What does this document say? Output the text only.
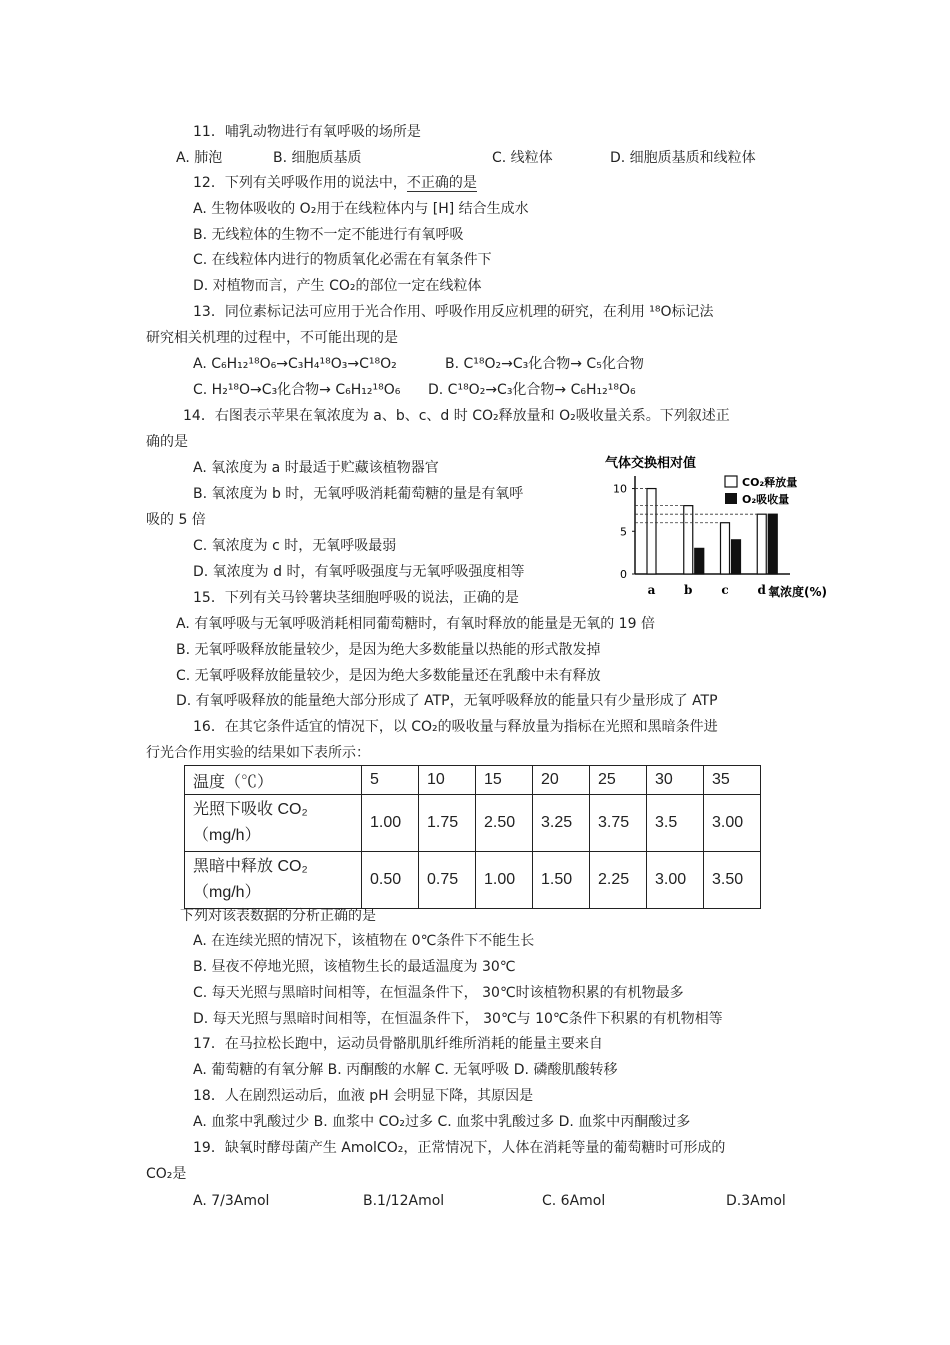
11．哺乳动物进行有氧呼吸的场所是
A. 肺泡	B. 细胞质基质	C. 线粒体	D. 细胞质基质和线粒体
12．下列有关呼吸作用的说法中，不正确的是
A. 生物体吸收的 O₂用于在线粒体内与 [H] 结合生成水
B. 无线粒体的生物不一定不能进行有氧呼吸
C. 在线粒体内进行的物质氧化必需在有氧条件下
D. 对植物而言，产生 CO₂的部位一定在线粒体
13．同位素标记法可应用于光合作用、呼吸作用反应机理的研究，在利用 ¹⁸O标记法
研究相关机理的过程中，不可能出现的是
A. C₆H₁₂¹⁸O₆→C₃H₄¹⁸O₃→C¹⁸O₂	B. C¹⁸O₂→C₃化合物→ C₅化合物
C. H₂¹⁸O→C₃化合物→ C₆H₁₂¹⁸O₆ D. C¹⁸O₂→C₃化合物→ C₆H₁₂¹⁸O₆
14．右图表示苹果在氧浓度为 a、b、c、d 时 CO₂释放量和 O₂吸收量关系。下列叙述正
确的是
A. 氧浓度为 a 时最适于贮藏该植物器官
B. 氧浓度为 b 时，无氧呼吸消耗葡萄糖的量是有氧呼
吸的 5 倍
C. 氧浓度为 c 时，无氧呼吸最弱
D. 氧浓度为 d 时，有氧呼吸强度与无氧呼吸强度相等
气体交换相对值
0
5
10
a b c d
CO₂释放量
O₂吸收量
氧浓度(%)
15．下列有关马铃薯块茎细胞呼吸的说法，正确的是
A. 有氧呼吸与无氧呼吸消耗相同葡萄糖时，有氧时释放的能量是无氧的 19 倍
B. 无氧呼吸释放能量较少，是因为绝大多数能量以热能的形式散发掉
C. 无氧呼吸释放能量较少，是因为绝大多数能量还在乳酸中未有释放
D. 有氧呼吸释放的能量绝大部分形成了 ATP，无氧呼吸释放的能量只有少量形成了 ATP
16．在其它条件适宜的情况下，以 CO₂的吸收量与释放量为指标在光照和黑暗条件进
行光合作用实验的结果如下表所示：
温度（℃）	5	10	15	20	25	30	35

光照下吸收 CO₂
（mg/h）	1.00	1.75	2.50	3.25	3.75	3.5	3.00

黑暗中释放 CO₂
（mg/h）	0.50	0.75	1.00	1.50	2.25	3.00	3.50
下列对该表数据的分析正确的是
A. 在连续光照的情况下，该植物在 0℃条件下不能生长
B. 昼夜不停地光照，该植物生长的最适温度为 30℃
C. 每天光照与黑暗时间相等，在恒温条件下， 30℃时该植物积累的有机物最多
D. 每天光照与黑暗时间相等，在恒温条件下， 30℃与 10℃条件下积累的有机物相等
17．在马拉松长跑中，运动员骨骼肌肌纤维所消耗的能量主要来自
A. 葡萄糖的有氧分解 B. 丙酮酸的水解 C. 无氧呼吸 D. 磷酸肌酸转移
18．人在剧烈运动后，血液 pH 会明显下降，其原因是
A. 血浆中乳酸过少 B. 血浆中 CO₂过多 C. 血浆中乳酸过多 D. 血浆中丙酮酸过多
19．缺氧时酵母菌产生 AmolCO₂，正常情况下，人体在消耗等量的葡萄糖时可形成的
CO₂是
A. 7/3Amol	B.1/12Amol	C. 6Amol	D.3Amol
